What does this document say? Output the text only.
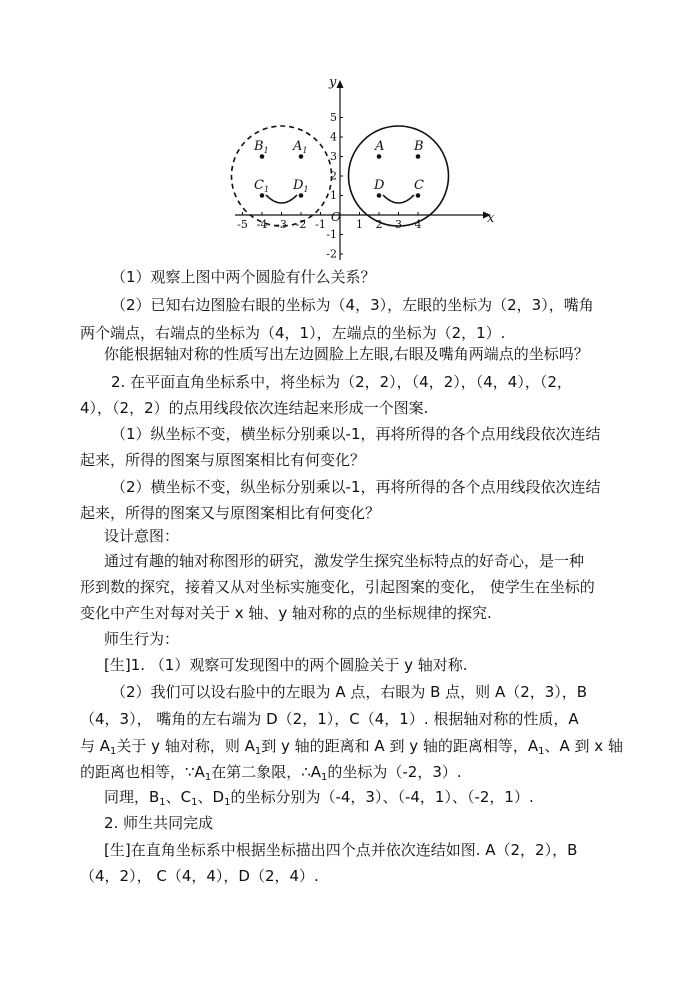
x
y
O
-5 -4 -3 -2 -1	1 2 3 4
5
4
3
2
1
-1
-2
A B
D C
$B_1$ $A_1$
$C_1$ $D_1$
（1）观察上图中两个圆脸有什么关系？
（2）已知右边图脸右眼的坐标为（4，3），左眼的坐标为（2，3），嘴角
两个端点，右端点的坐标为（4，1），左端点的坐标为（2，1）.
你能根据轴对称的性质写出左边圆脸上左眼,右眼及嘴角两端点的坐标吗？
2. 在平面直角坐标系中，将坐标为（2，2），（4，2），（4，4），（2，
4），（2，2）的点用线段依次连结起来形成一个图案.
（1）纵坐标不变，横坐标分别乘以-1，再将所得的各个点用线段依次连结
起来，所得的图案与原图案相比有何变化？
（2）横坐标不变，纵坐标分别乘以-1，再将所得的各个点用线段依次连结
起来，所得的图案又与原图案相比有何变化？
设计意图：
通过有趣的轴对称图形的研究，激发学生探究坐标特点的好奇心，是一种
形到数的探究，接着又从对坐标实施变化，引起图案的变化， 使学生在坐标的
变化中产生对每对关于 x 轴、y 轴对称的点的坐标规律的探究.
师生行为：
[生]1. （1）观察可发现图中的两个圆脸关于 y 轴对称.
（2）我们可以设右脸中的左眼为 A 点，右眼为 B 点，则 A（2，3），B
（4，3）， 嘴角的左右端为 D（2，1），C（4，1）. 根据轴对称的性质，A
与 $A_1$关于 y 轴对称，则 $A_1$到 y 轴的距离和 A 到 y 轴的距离相等，$A_1$、A 到 x 轴
的距离也相等，$\because A_1$在第二象限，$\therefore A_1$的坐标为（-2，3）.
同理，$B_1$、$C_1$、$D_1$的坐标分别为（-4，3）、（-4，1）、（-2，1）.
2. 师生共同完成
[生]在直角坐标系中根据坐标描出四个点并依次连结如图. A（2，2），B
（4，2）， C（4，4），D（2，4）.
